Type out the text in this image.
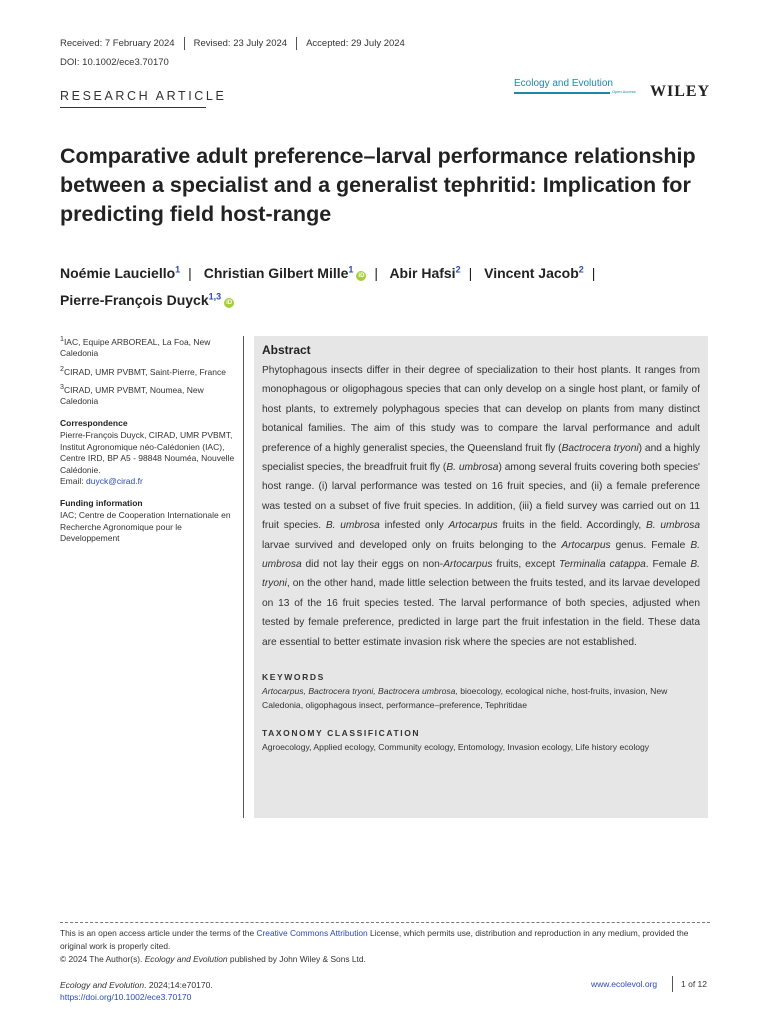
Received: 7 February 2024	Revised: 23 July 2024	Accepted: 29 July 2024
DOI: 10.1002/ece3.70170
RESEARCH ARTICLE
Ecology and Evolution
Open Access WILEY
Comparative adult preference–larval performance relationship between a specialist and a generalist tephritid: Implication for predicting field host-range
Noémie Lauciello$^1$ | Christian Gilbert Mille$^1$iD | Abir Hafsi$^2$ | Vincent Jacob$^2$ |
Pierre-François Duyck$^{1,3}$iD

$^1$IAC, Equipe ARBOREAL, La Foa, New Caledonia

$^2$CIRAD, UMR PVBMT, Saint-Pierre, France

$^3$CIRAD, UMR PVBMT, Noumea, New Caledonia

Correspondence

Pierre-François Duyck, CIRAD, UMR PVBMT, Institut Agronomique néo-Calédonien (IAC), Centre IRD, BP A5 - 98848 Nouméa, Nouvelle Calédonie.
Email: duyck@cirad.fr

Funding information

IAC; Centre de Cooperation Internationale en Recherche Agronomique pour le Developpement

Abstract
Phytophagous insects differ in their degree of specialization to their host plants. It ranges from monophagous or oligophagous species that can only develop on a single host plant, or family of host plants, to extremely polyphagous species that can develop on plants from many distinct botanical families. The aim of this study was to compare the larval performance and adult preference of a highly generalist species, the Queensland fruit fly (Bactrocera tryoni) and a highly specialist species, the breadfruit fruit fly (B. umbrosa) among several fruits covering both species' host range. (i) larval performance was tested on 16 fruit species, and (ii) a female preference was tested on a subset of five fruit species. In addition, (iii) a field survey was carried out on 11 fruit species. B. umbrosa infested only Artocarpus fruits in the field. Accordingly, B. umbrosa larvae survived and developed only on fruits belonging to the Artocarpus genus. Female B. umbrosa did not lay their eggs on non-Artocarpus fruits, except Terminalia catappa. Female B. tryoni, on the other hand, made little selection between the fruits tested, and its larvae developed on 13 of the 16 fruit species tested. The larval performance of both species, adjusted when tested by female preference, predicted in large part the fruit infestation in the field. These data are essential to better estimate invasion risk where the species are not established.
KEYWORDS
Artocarpus, Bactrocera tryoni, Bactrocera umbrosa, bioecology, ecological niche, host-fruits, invasion, New Caledonia, oligophagous insect, performance–preference, Tephritidae
TAXONOMY CLASSIFICATION
Agroecology, Applied ecology, Community ecology, Entomology, Invasion ecology, Life history ecology
This is an open access article under the terms of the Creative Commons Attribution License, which permits use, distribution and reproduction in any medium, provided the original work is properly cited.
© 2024 The Author(s). Ecology and Evolution published by John Wiley & Sons Ltd.
Ecology and Evolution. 2024;14:e70170.
https://doi.org/10.1002/ece3.70170
www.ecolevol.org	1 of 12
